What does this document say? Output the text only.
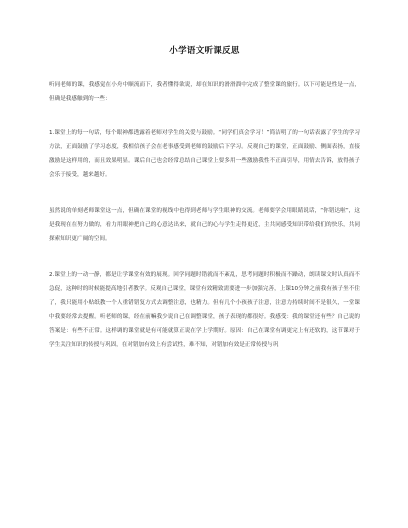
小学语文听课反思

听同老师的课，我感觉在小舟中顺流而下，我者懂得欲说，却在知识的滑滑溜中完成了整堂课的旅行。以下可能是性是一点，但确是我感触到的一些：

1.课堂上的每一句话，每个眼神都透露着老师对学生的关爱与鼓励。“同学们真会学习！”简洁明了的一句话表露了学生的学习方法，正面鼓励了学习态度，我相信孩子会在老事感受到老师的鼓励后下学习。反观自己的课堂，正面鼓励、侧面表扬，直接激励是这样用的，而且效果明显。课后自己也会经常总结自己课堂上要多用一些激励我性不正面引导，用情去告诉，放得孩子会乐于接受，越来越好。

虽然说的单刻老师课堂这一点，但确在课堂的视线中也得到老师与学生眼神的交流。老师要学会用眼睛说话，“你错达啦”，这是我现在在努力做的，看力用眼神把自己的心意达出来，就自己的心与学生走得更近，主共同感受知识带给我们的快乐，共同探索知识更广阔的空间。

2.课堂上的一动一静，都是让学课堂有效的展现。回学同题时错就而不紊乱，思考同题时积极而不躁动，朗读课文时认真而不急促，这种时的时候能提高地引者教学。反观自己课堂，课堂有效精致需要进一步加强完善，上课10分钟之前我有孩子坐不住了，我只能用小贴纸教一个人重错错复方式去调整注意，也精力。但有几个小孩孩子注意，注意力持续时间不是很久，一堂课中我要经常去提醒。听老师的课，经在前嘛我少说自己在调整课堂，孩子表现的都很好。我感受：我的课堂还有些？自己说的答案是：有些不正常。这样调的课堂就是有可能就算正说在学上学期好。原因：自己在课堂有调更完上有还软的，这节课对于学生关注知识的传授与巩固，在对错加有效上有尝试性，难不知，对错加有效是正常传授与巩
